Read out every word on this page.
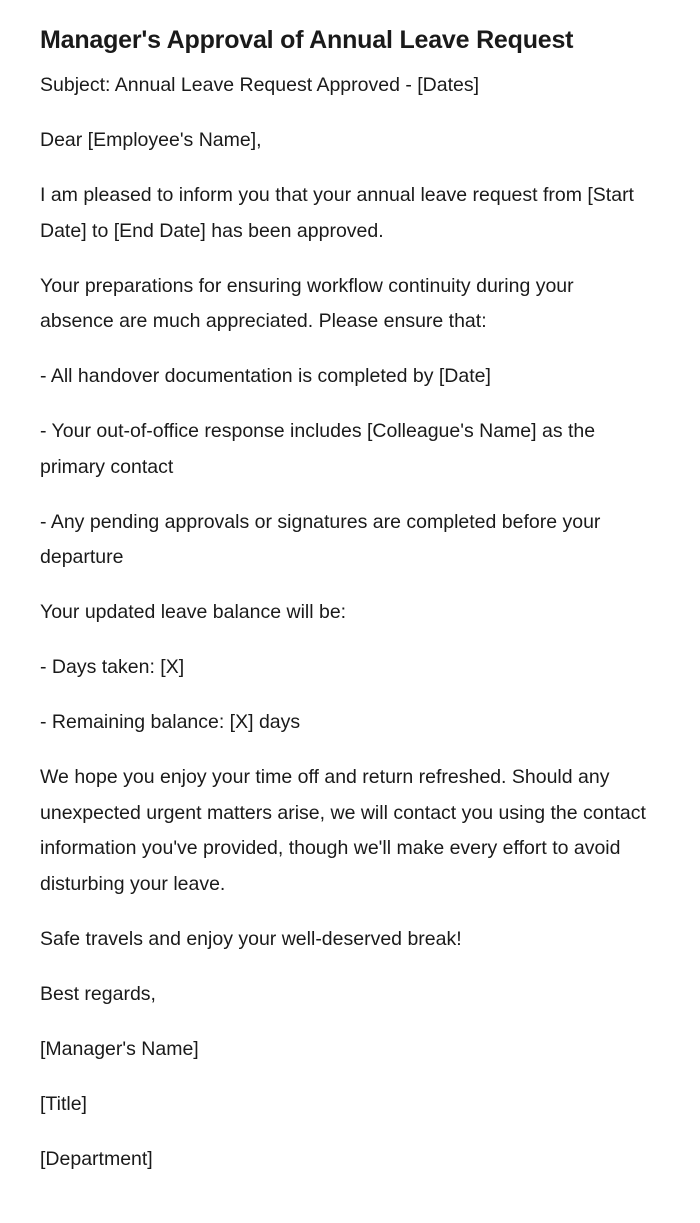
Manager's Approval of Annual Leave Request
Subject: Annual Leave Request Approved - [Dates]
Dear [Employee's Name],
I am pleased to inform you that your annual leave request from [Start Date] to [End Date] has been approved.
Your preparations for ensuring workflow continuity during your absence are much appreciated. Please ensure that:
- All handover documentation is completed by [Date]
- Your out-of-office response includes [Colleague's Name] as the primary contact
- Any pending approvals or signatures are completed before your departure
Your updated leave balance will be:
- Days taken: [X]
- Remaining balance: [X] days
We hope you enjoy your time off and return refreshed. Should any unexpected urgent matters arise, we will contact you using the contact information you've provided, though we'll make every effort to avoid disturbing your leave.
Safe travels and enjoy your well-deserved break!
Best regards,
[Manager's Name]
[Title]
[Department]
